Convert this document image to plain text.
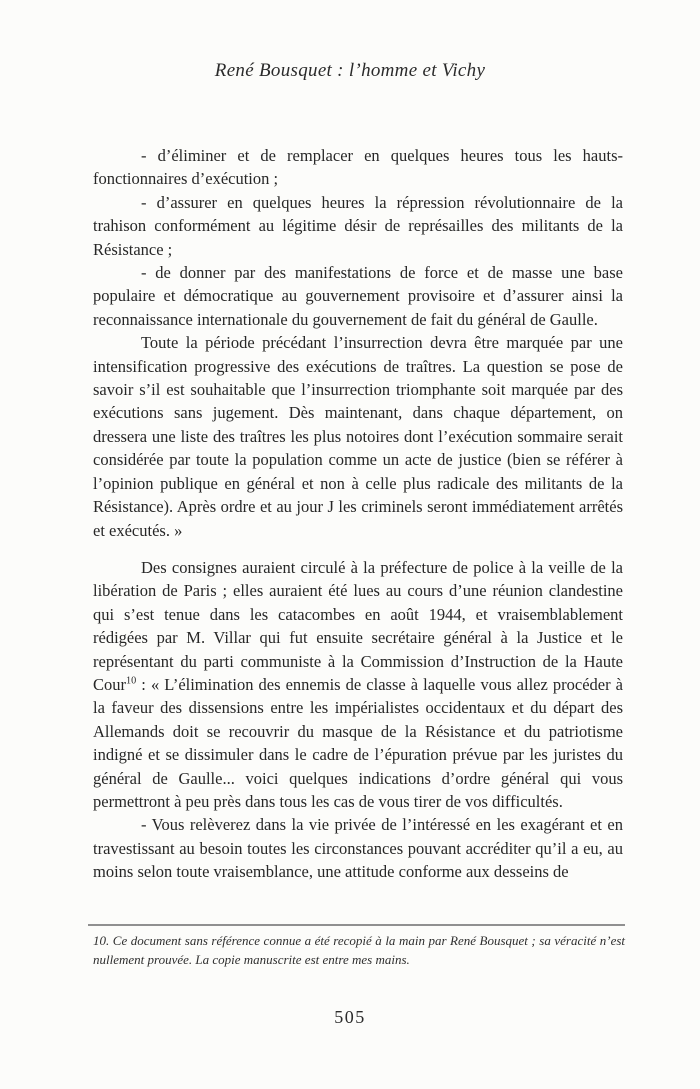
René Bousquet : l’homme et Vichy

- d’éliminer et de remplacer en quelques heures tous les hauts-fonctionnaires d’exécution ;

- d’assurer en quelques heures la répression révolutionnaire de la trahison conformément au légitime désir de représailles des militants de la Résistance ;

- de donner par des manifestations de force et de masse une base populaire et démocratique au gouvernement provisoire et d’assurer ainsi la reconnaissance internationale du gouvernement de fait du général de Gaulle.

Toute la période précédant l’insurrection devra être marquée par une intensification progressive des exécutions de traîtres. La question se pose de savoir s’il est souhaitable que l’insurrection triomphante soit marquée par des exécutions sans jugement. Dès maintenant, dans chaque département, on dressera une liste des traîtres les plus notoires dont l’exécution sommaire serait considérée par toute la population comme un acte de justice (bien se référer à l’opinion publique en général et non à celle plus radicale des militants de la Résistance). Après ordre et au jour J les criminels seront immédiatement arrêtés et exécutés. »

Des consignes auraient circulé à la préfecture de police à la veille de la libération de Paris ; elles auraient été lues au cours d’une réunion clandestine qui s’est tenue dans les catacombes en août 1944, et vraisemblablement rédigées par M. Villar qui fut ensuite secrétaire général à la Justice et le représentant du parti communiste à la Commission d’Instruction de la Haute Cour$^{10}$ : « L’élimination des ennemis de classe à laquelle vous allez procéder à la faveur des dissensions entre les impérialistes occidentaux et du départ des Allemands doit se recouvrir du masque de la Résistance et du patriotisme indigné et se dissimuler dans le cadre de l’épuration prévue par les juristes du général de Gaulle... voici quelques indications d’ordre général qui vous permettront à peu près dans tous les cas de vous tirer de vos difficultés.

- Vous relèverez dans la vie privée de l’intéressé en les exagérant et en travestissant au besoin toutes les circonstances pouvant accréditer qu’il a eu, au moins selon toute vraisemblance, une attitude conforme aux desseins de

10. Ce document sans référence connue a été recopié à la main par René Bousquet ; sa véracité n’est nullement prouvée. La copie manuscrite est entre mes mains.
505
